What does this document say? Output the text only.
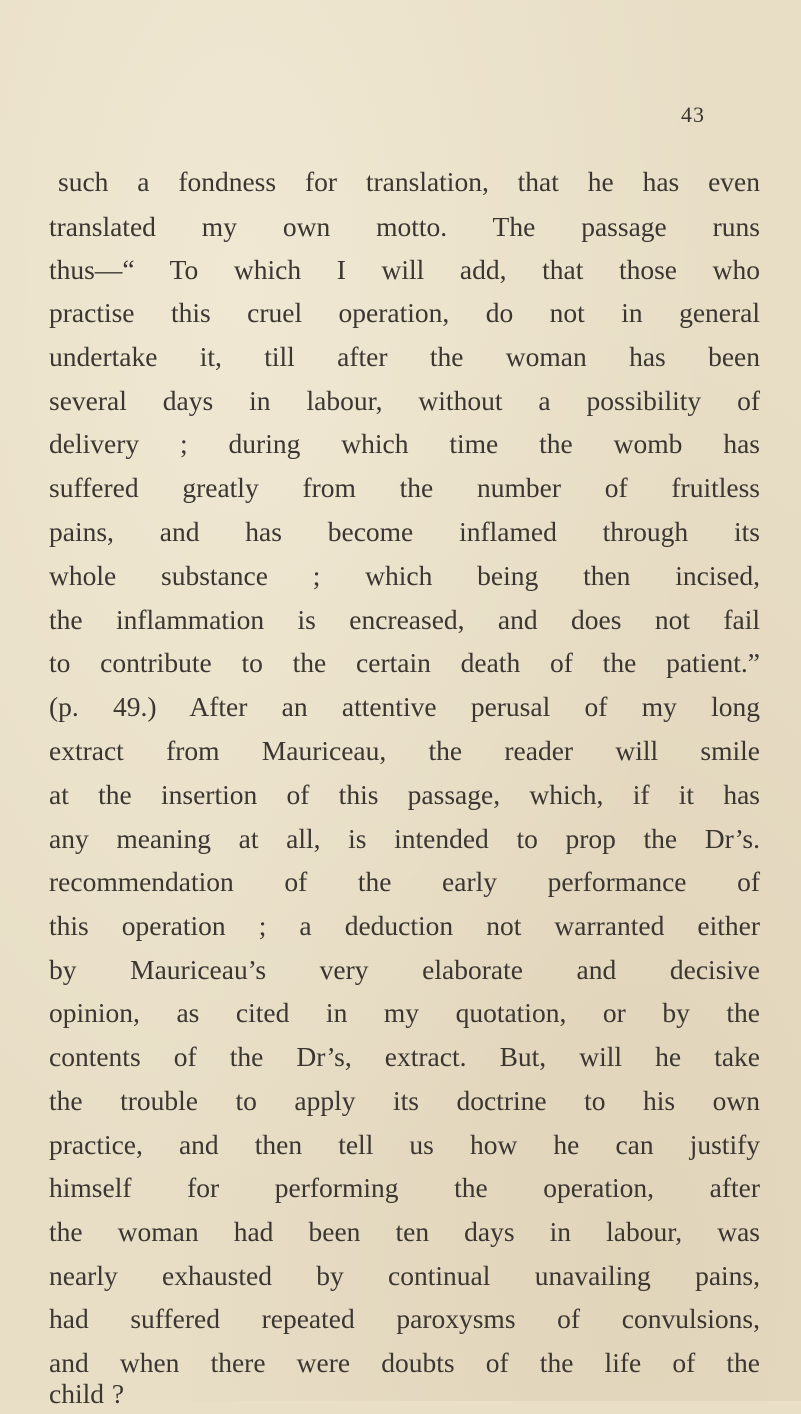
43
such a fondness for translation, that he has even
translated my own motto. The passage runs
thus—“ To which I will add, that those who
practise this cruel operation, do not in general
undertake it, till after the woman has been
several days in labour, without a possibility of
delivery ; during which time the womb has
suffered greatly from the number of fruitless
pains, and has become inflamed through its
whole substance ; which being then incised,
the inflammation is encreased, and does not fail
to contribute to the certain death of the patient.”
(p. 49.) After an attentive perusal of my long
extract from Mauriceau, the reader will smile
at the insertion of this passage, which, if it has
any meaning at all, is intended to prop the Dr’s.
recommendation of the early performance of
this operation ; a deduction not warranted either
by Mauriceau’s very elaborate and decisive
opinion, as cited in my quotation, or by the
contents of the Dr’s, extract. But, will he take
the trouble to apply its doctrine to his own
practice, and then tell us how he can justify
himself for performing the operation, after
the woman had been ten days in labour, was
nearly exhausted by continual unavailing pains,
had suffered repeated paroxysms of convulsions,
and when there were doubts of the life of the
child ?
